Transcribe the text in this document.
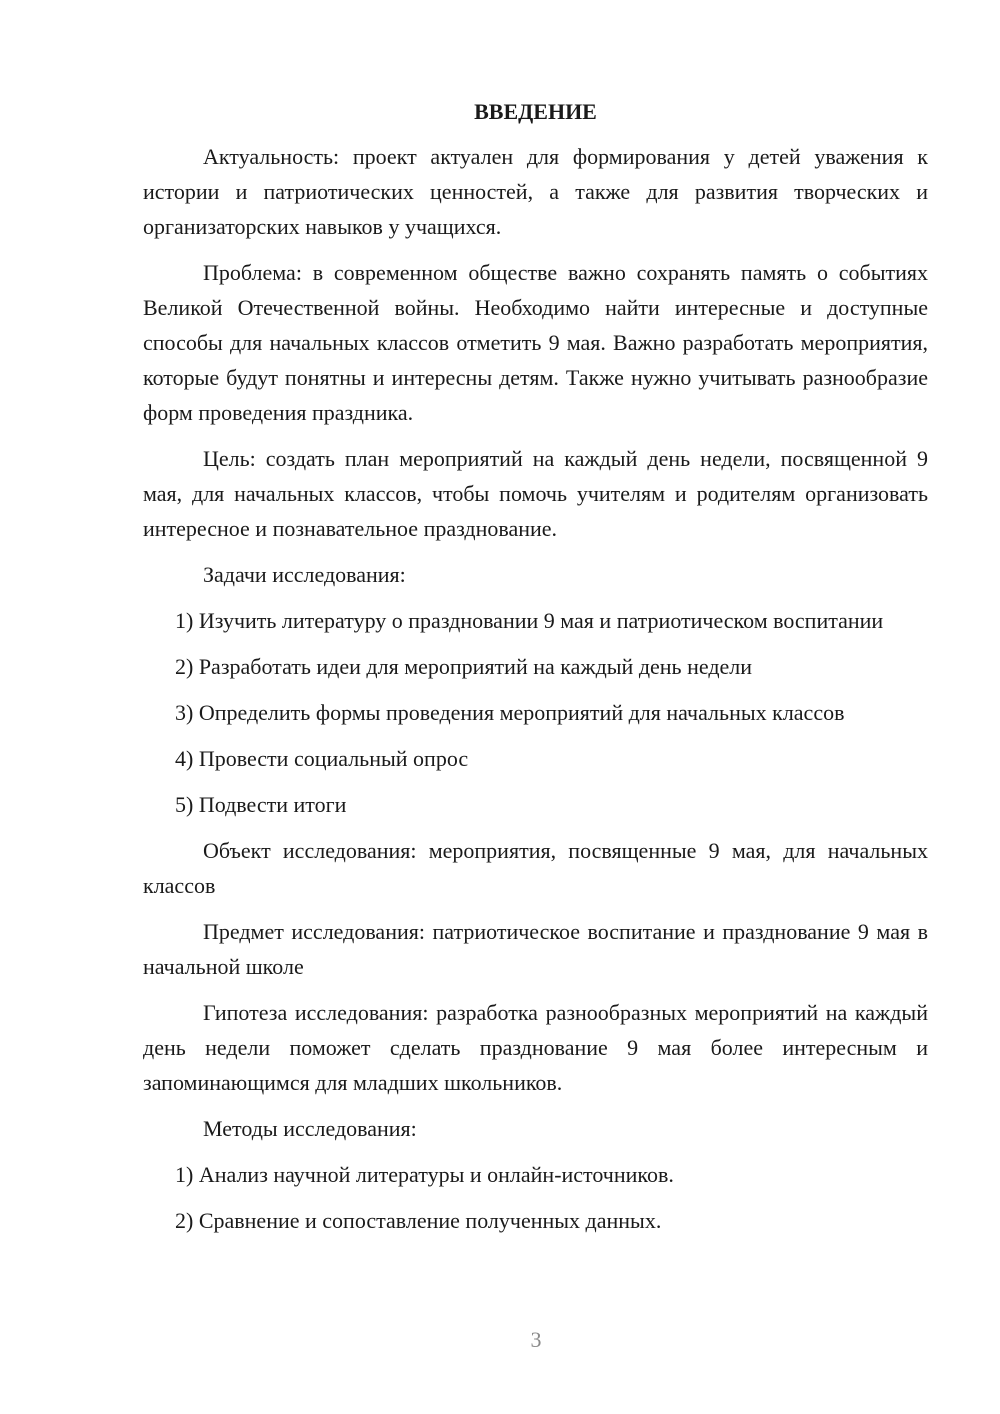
ВВЕДЕНИЕ

Актуальность: проект актуален для формирования у детей уважения к истории и патриотических ценностей, а также для развития творческих и организаторских навыков у учащихся.

Проблема: в современном обществе важно сохранять память о событиях Великой Отечественной войны. Необходимо найти интересные и доступные способы для начальных классов отметить 9 мая. Важно разработать мероприятия, которые будут понятны и интересны детям. Также нужно учитывать разнообразие форм проведения праздника.

Цель: создать план мероприятий на каждый день недели, посвященной 9 мая, для начальных классов, чтобы помочь учителям и родителям организовать интересное и познавательное празднование.

Задачи исследования:

1) Изучить литературу о праздновании 9 мая и патриотическом воспитании

2) Разработать идеи для мероприятий на каждый день недели

3) Определить формы проведения мероприятий для начальных классов

4) Провести социальный опрос

5) Подвести итоги

Объект исследования: мероприятия, посвященные 9 мая, для начальных классов

Предмет исследования: патриотическое воспитание и празднование 9 мая в начальной школе

Гипотеза исследования: разработка разнообразных мероприятий на каждый день недели поможет сделать празднование 9 мая более интересным и запоминающимся для младших школьников.

Методы исследования:

1) Анализ научной литературы и онлайн-источников.

2) Сравнение и сопоставление полученных данных.

3
